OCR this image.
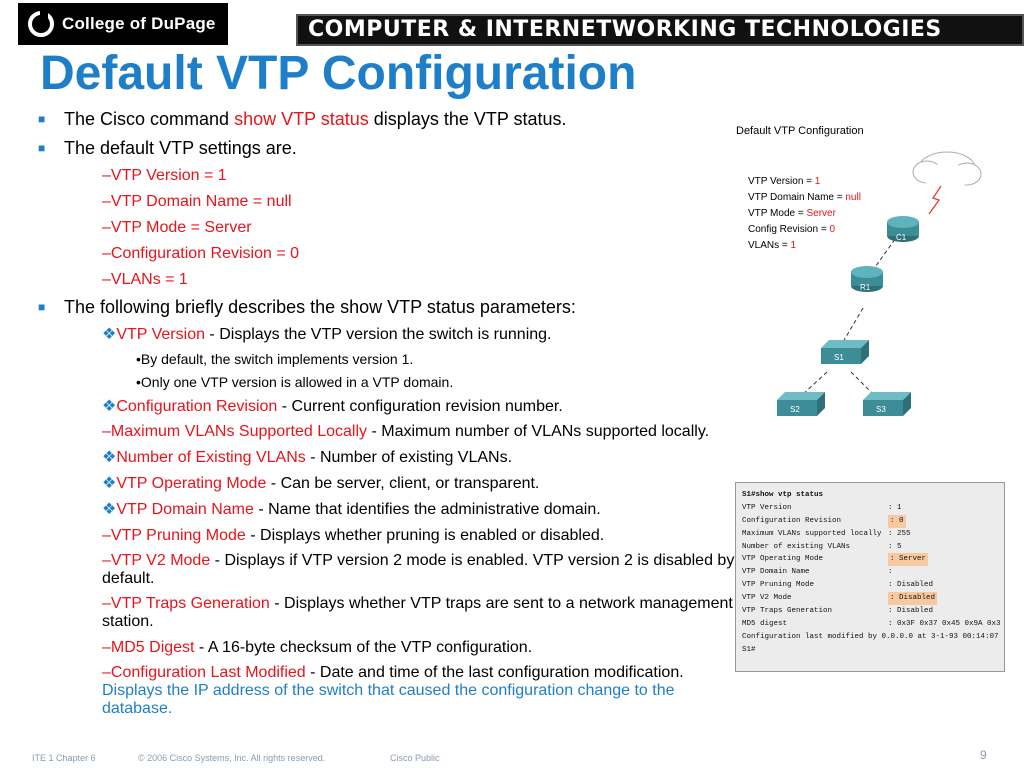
College of DuPage	COMPUTER & INTERNETWORKING TECHNOLOGIES
Default VTP Configuration
■ The Cisco command show VTP status displays the VTP status.
■ The default VTP settings are.
–VTP Version = 1
–VTP Domain Name = null
–VTP Mode = Server
–Configuration Revision = 0
–VLANs = 1
■ The following briefly describes the show VTP status parameters:
❖VTP Version - Displays the VTP version the switch is running.
•By default, the switch implements version 1.
•Only one VTP version is allowed in a VTP domain.
❖Configuration Revision - Current configuration revision number.
–Maximum VLANs Supported Locally - Maximum number of VLANs supported locally.
❖Number of Existing VLANs - Number of existing VLANs.
❖VTP Operating Mode - Can be server, client, or transparent.
❖VTP Domain Name - Name that identifies the administrative domain.
–VTP Pruning Mode - Displays whether pruning is enabled or disabled.
–VTP V2 Mode - Displays if VTP version 2 mode is enabled. VTP version 2 is disabled by default.
–VTP Traps Generation - Displays whether VTP traps are sent to a network management station.
–MD5 Digest - A 16-byte checksum of the VTP configuration.
–Configuration Last Modified - Date and time of the last configuration modification. Displays the IP address of the switch that caused the configuration change to the database.
Default VTP Configuration
C1
R1
S1
S2	S3
VTP Version = 1
VTP Domain Name = null
VTP Mode = Server
Config Revision = 0
VLANs = 1
S1#show vtp status
VTP Version	: 1
Configuration Revision	: 0
Maximum VLANs supported locally : 255
Number of existing VLANs	: 5
VTP Operating Mode	: Server
VTP Domain Name	:
VTP Pruning Mode	: Disabled
VTP V2 Mode	: Disabled
VTP Traps Generation	: Disabled
MD5 digest	: 0x3F 0x37 0x45 0x9A 0x3
Configuration last modified by 0.0.0.0 at 3-1-93 00:14:07
S1#
ITE 1 Chapter 6	© 2006 Cisco Systems, Inc. All rights reserved.	Cisco Public	9
